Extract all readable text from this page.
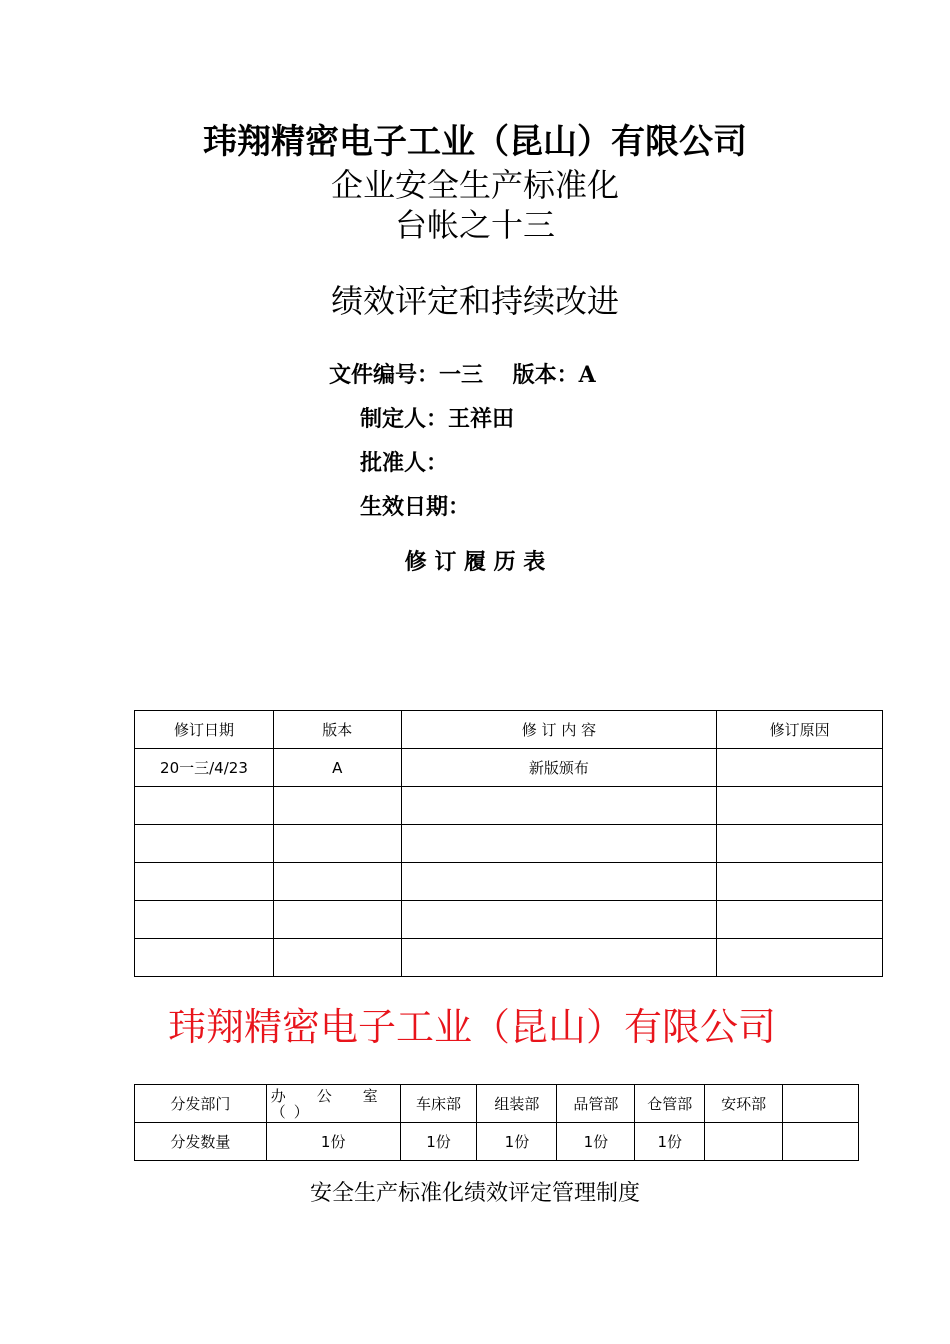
玮翔精密电子工业（昆山）有限公司
企业安全生产标准化
台帐之十三
绩效评定和持续改进
文件编号：一三　 版本：A
制定人：王祥田
批准人：
生效日期：
修 订 履 历 表
修订日期	版本	修 订 内 容	修订原因
20一三/4/23	A	新版颁布	

玮翔精密电子工业（昆山）有限公司
分发部门	办　公　室（）	车床部	组装部	品管部	仓管部	安环部	
分发数量	1份	1份	1份	1份	1份		
安全生产标准化绩效评定管理制度
